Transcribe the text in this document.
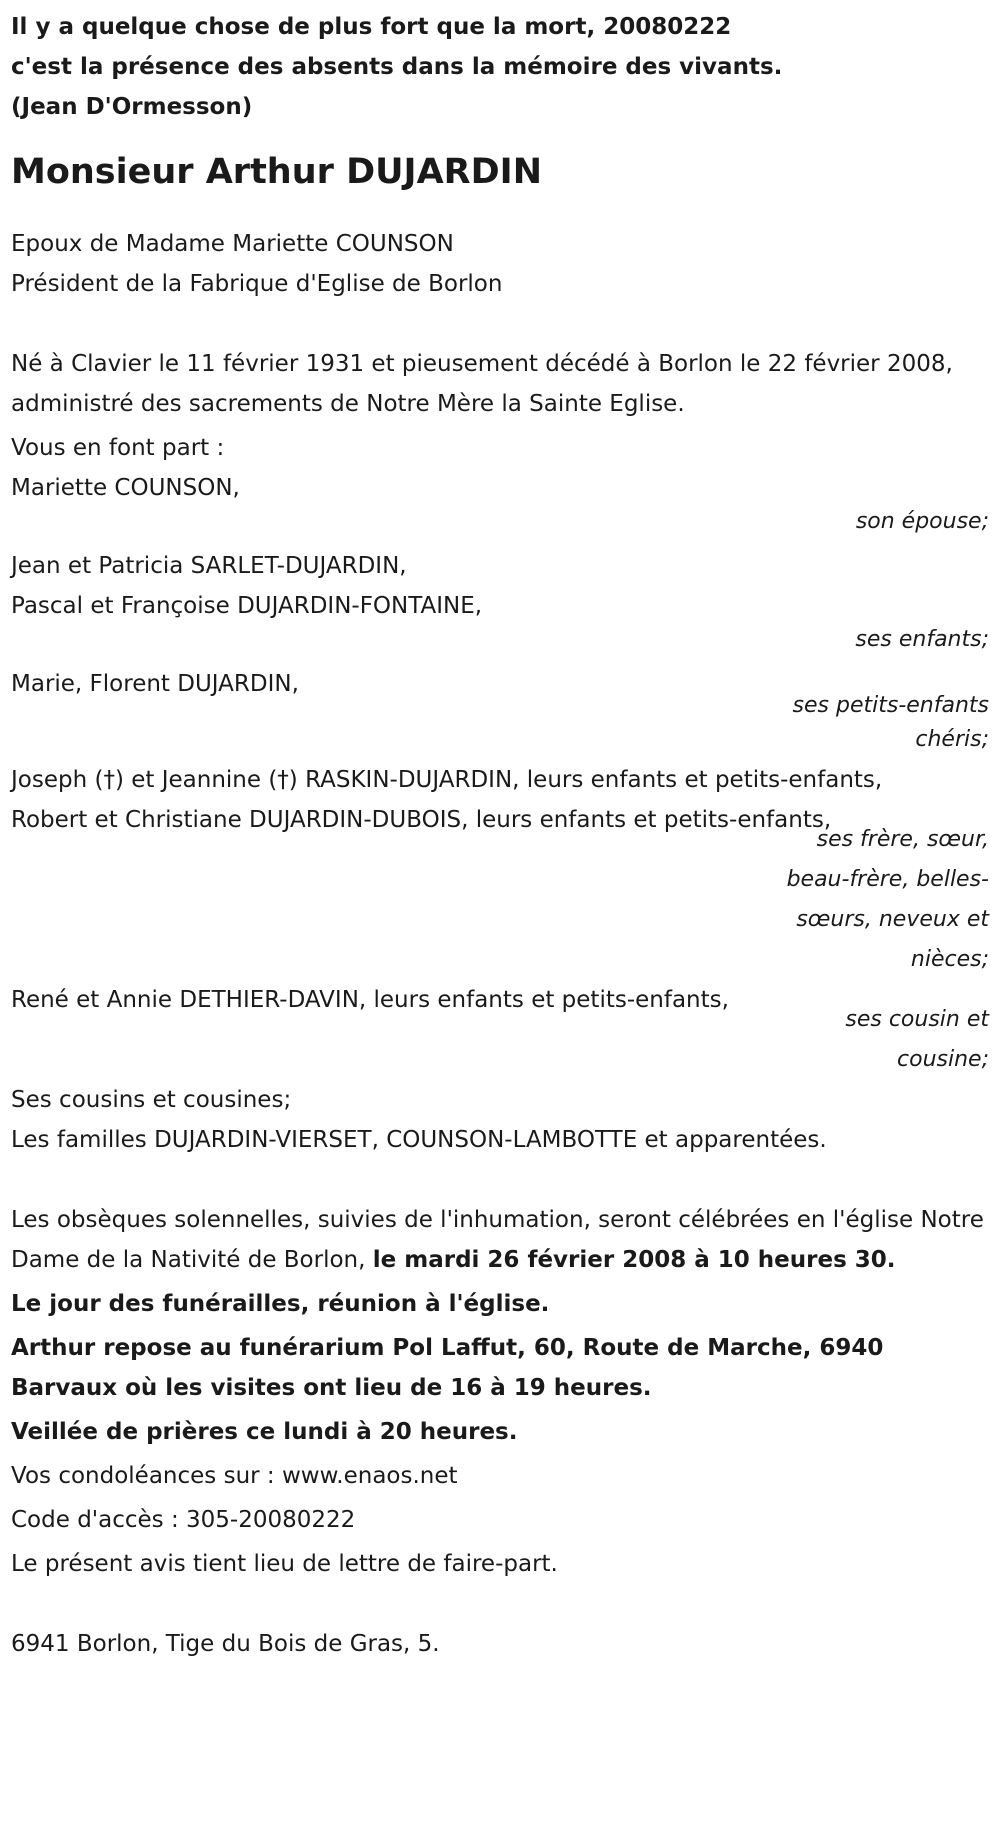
Il y a quelque chose de plus fort que la mort, 20080222
c'est la présence des absents dans la mémoire des vivants.
(Jean D'Ormesson)
Monsieur Arthur DUJARDIN
Epoux de Madame Mariette COUNSON
Président de la Fabrique d'Eglise de Borlon
Né à Clavier le 11 février 1931 et pieusement décédé à Borlon le 22 février 2008, administré des sacrements de Notre Mère la Sainte Eglise.
Vous en font part :
Mariette COUNSON,
son épouse;
Jean et Patricia SARLET-DUJARDIN,
Pascal et Françoise DUJARDIN-FONTAINE,
ses enfants;
Marie, Florent DUJARDIN,
ses petits-enfants
chéris;
Joseph (†) et Jeannine (†) RASKIN-DUJARDIN, leurs enfants et petits-enfants,
Robert et Christiane DUJARDIN-DUBOIS, leurs enfants et petits-enfants,
ses frère, sœur,
beau-frère, belles-
sœurs, neveux et
nièces;
René et Annie DETHIER-DAVIN, leurs enfants et petits-enfants,
ses cousin et
cousine;
Ses cousins et cousines;
Les familles DUJARDIN-VIERSET, COUNSON-LAMBOTTE et apparentées.
Les obsèques solennelles, suivies de l'inhumation, seront célébrées en l'église Notre Dame de la Nativité de Borlon, le mardi 26 février 2008 à 10 heures 30.
Le jour des funérailles, réunion à l'église.
Arthur repose au funérarium Pol Laffut, 60, Route de Marche, 6940 Barvaux où les visites ont lieu de 16 à 19 heures.
Veillée de prières ce lundi à 20 heures.
Vos condoléances sur : www.enaos.net
Code d'accès : 305-20080222
Le présent avis tient lieu de lettre de faire-part.
6941 Borlon, Tige du Bois de Gras, 5.
